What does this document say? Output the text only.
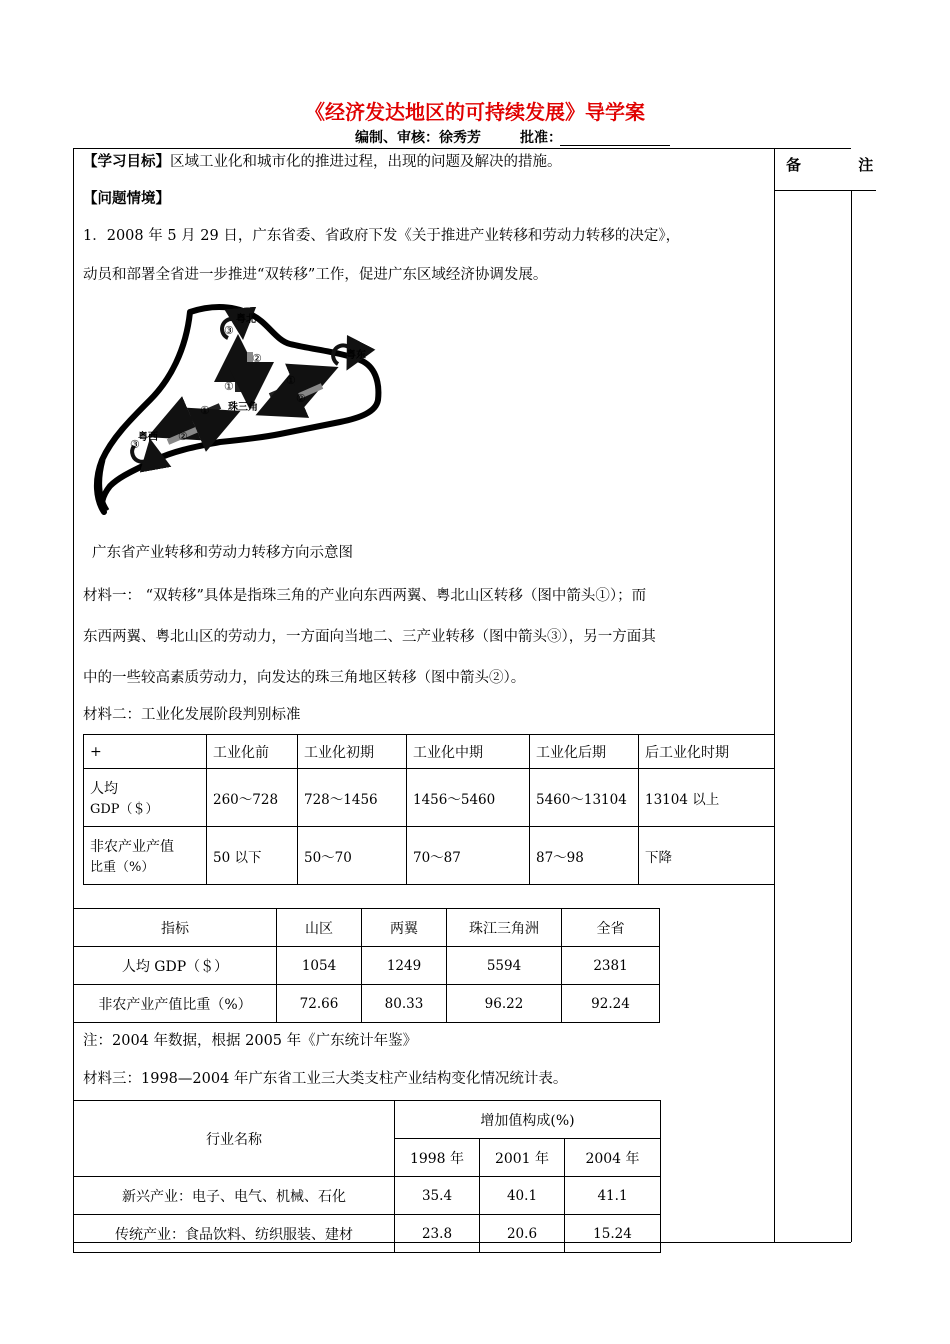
《经济发达地区的可持续发展》导学案
编制、审核：徐秀芳        批准：
备 注
【学习目标】区域工业化和城市化的推进过程，出现的问题及解决的措施。
【问题情境】
1．2008 年 5 月 29 日，广东省委、省政府下发《关于推进产业转移和劳动力转移的决定》，
动员和部署全省进一步推进“双转移”工作，促进广东区域经济协调发展。
粤北
粤东
粤西
珠三角
③
②
①	①
②
①
②
③
广东省产业转移和劳动力转移方向示意图
材料一： “双转移”具体是指珠三角的产业向东西两翼、粤北山区转移（图中箭头①）；而
东西两翼、粤北山区的劳动力，一方面向当地二、三产业转移（图中箭头③），另一方面其
中的一些较高素质劳动力，向发达的珠三角地区转移（图中箭头②）。
材料二：工业化发展阶段判别标准
+	工业化前	工业化初期	工业化中期	工业化后期	后工业化时期

人均
GDP（＄）	260～728	728～1456	1456～5460	5460～13104	13104 以上

非农产业产值
比重（%）	50 以下	50～70	70～87	87～98	下降
指标	山区	两翼	珠江三角洲	全省
人均 GDP（＄）	1054	1249	5594	2381
非农产业产值比重（%）	72.66	80.33	96.22	92.24
注：2004 年数据，根据 2005 年《广东统计年鉴》
材料三：1998—2004 年广东省工业三大类支柱产业结构变化情况统计表。
行业名称	增加值构成(%)		
	1998 年	2001 年	2004 年
新兴产业：电子、电气、机械、石化	35.4	40.1	41.1
传统产业：食品饮料、纺织服装、建材	23.8	20.6	15.24
